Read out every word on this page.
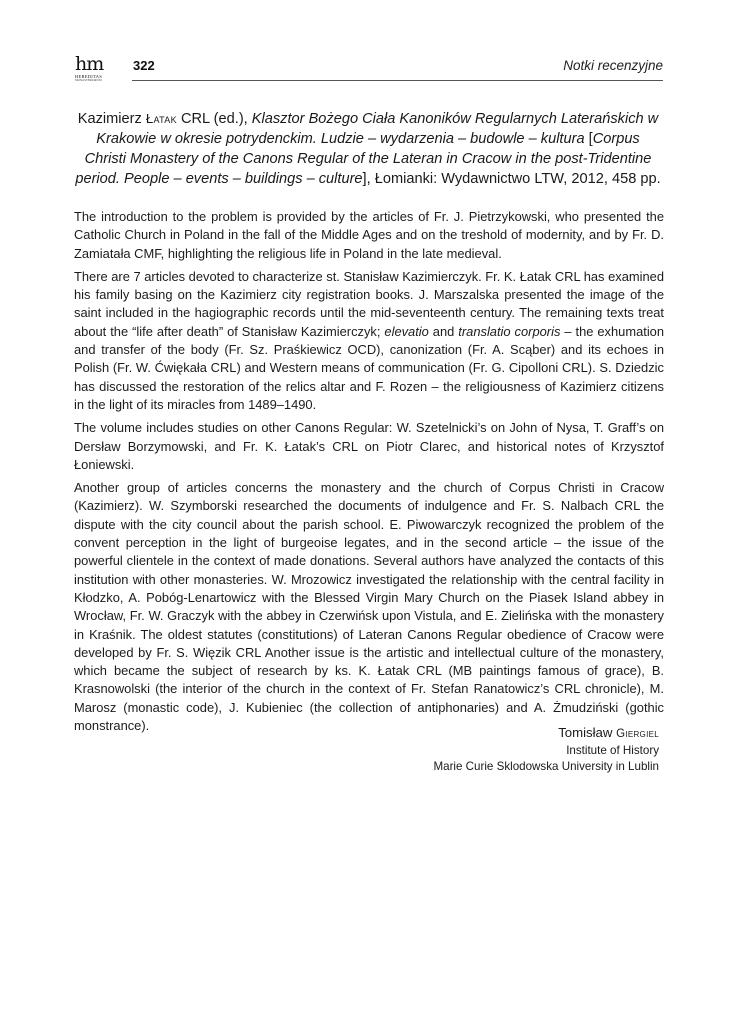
hm
HEREDITAS
MONASTERIORUM
322	Notki recenzyjne
Kazimierz Łatak CRL (ed.), Klasztor Bożego Ciała Kanoników Regularnych Laterańskich w Krakowie w okresie potrydenckim. Ludzie – wydarzenia – budowle – kultura [Corpus Christi Monastery of the Canons Regular of the Lateran in Cracow in the post-Tridentine period. People – events – buildings – culture], Łomianki: Wydawnictwo LTW, 2012, 458 pp.

The introduction to the problem is provided by the articles of Fr. J. Pietrzykowski, who presented the Catholic Church in Poland in the fall of the Middle Ages and on the treshold of modernity, and by Fr. D. Zamiatała CMF, highlighting the religious life in Poland in the late medieval.

There are 7 articles devoted to characterize st. Stanisław Kazimierczyk. Fr. K. Łatak CRL has examined his family basing on the Kazimierz city registration books. J. Marszalska presented the image of the saint included in the hagiographic records until the mid-seventeenth century. The remaining texts treat about the “life after death” of Stanisław Kazimierczyk; elevatio and translatio corporis – the exhumation and transfer of the body (Fr. Sz. Praśkiewicz OCD), canonization (Fr. A. Scąber) and its echoes in Polish (Fr. W. Ćwiękała CRL) and Western means of communication (Fr. G. Cipolloni CRL). S. Dziedzic has discussed the restoration of the relics altar and F. Rozen – the religiousness of Kazimierz citizens in the light of its miracles from 1489–1490.

The volume includes studies on other Canons Regular: W. Szetelnicki’s on John of Nysa, T. Graff’s on Dersław Borzymowski, and Fr. K. Łatak’s CRL on Piotr Clarec, and historical notes of Krzysztof Łoniewski.

Another group of articles concerns the monastery and the church of Corpus Christi in Cracow (Kazimierz). W. Szymborski researched the documents of indulgence and Fr. S. Nalbach CRL the dispute with the city council about the parish school. E. Piwowarczyk recognized the problem of the convent perception in the light of burgeoise legates, and in the second article – the issue of the powerful clientele in the context of made donations. Several authors have analyzed the contacts of this institution with other monasteries. W. Mrozowicz investigated the relationship with the central facility in Kłodzko, A. Pobóg-Lenartowicz with the Blessed Virgin Mary Church on the Piasek Island abbey in Wrocław, Fr. W. Graczyk with the abbey in Czerwińsk upon Vistula, and E. Zielińska with the monastery in Kraśnik. The oldest statutes (constitutions) of Lateran Canons Regular obedience of Cracow were developed by Fr. S. Więzik CRL Another issue is the artistic and intellectual culture of the monastery, which became the subject of research by ks. K. Łatak CRL (MB paintings famous of grace), B. Krasnowolski (the interior of the church in the context of Fr. Stefan Ranatowicz’s CRL chronicle), M. Marosz (monastic code), J. Kubieniec (the collection of antiphonaries) and A. Żmudziński (gothic monstrance).	Tomisław Giergiel
Institute of History
Marie Curie Sklodowska University in Lublin
